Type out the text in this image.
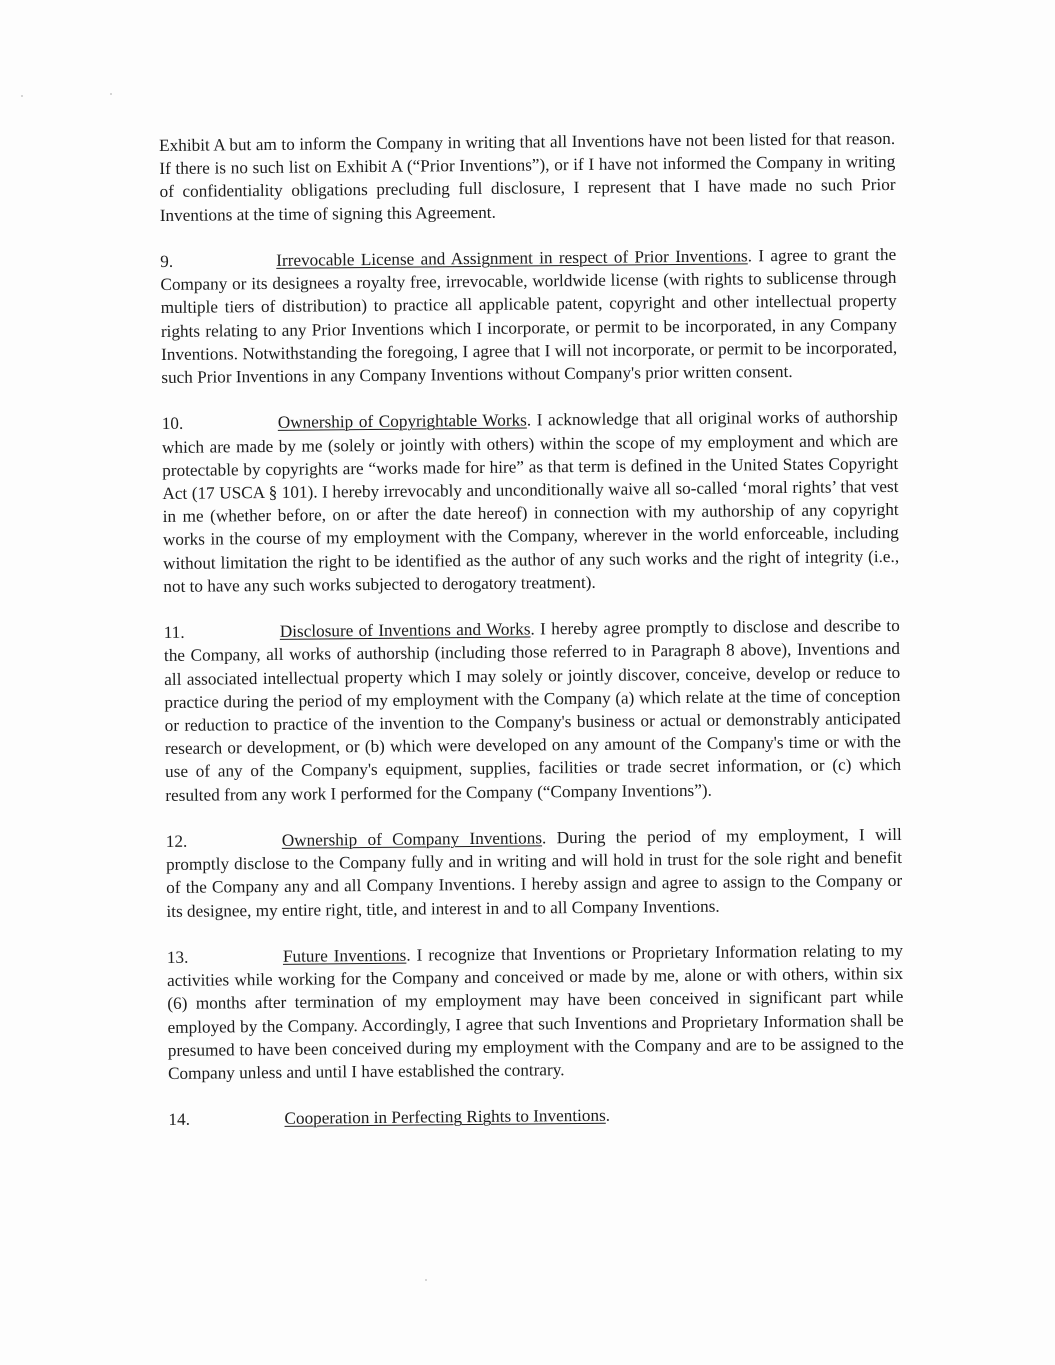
Exhibit A but am to inform the Company in writing that all Inventions have not been listed for that reason. If there is no such list on Exhibit A (“Prior Inventions”), or if I have not informed the Company in writing of confidentiality obligations precluding full disclosure, I represent that I have made no such Prior Inventions at the time of signing this Agreement.

9.	Irrevocable License and Assignment in respect of Prior Inventions. I agree to grant the Company or its designees a royalty free, irrevocable, worldwide license (with rights to sublicense through multiple tiers of distribution) to practice all applicable patent, copyright and other intellectual property rights relating to any Prior Inventions which I incorporate, or permit to be incorporated, in any Company Inventions. Notwithstanding the foregoing, I agree that I will not incorporate, or permit to be incorporated, such Prior Inventions in any Company Inventions without Company's prior written consent.

10.	Ownership of Copyrightable Works. I acknowledge that all original works of authorship which are made by me (solely or jointly with others) within the scope of my employment and which are protectable by copyrights are “works made for hire” as that term is defined in the United States Copyright Act (17 USCA § 101). I hereby irrevocably and unconditionally waive all so-called ‘moral rights’ that vest in me (whether before, on or after the date hereof) in connection with my authorship of any copyright works in the course of my employment with the Company, wherever in the world enforceable, including without limitation the right to be identified as the author of any such works and the right of integrity (i.e., not to have any such works subjected to derogatory treatment).

11.	Disclosure of Inventions and Works. I hereby agree promptly to disclose and describe to the Company, all works of authorship (including those referred to in Paragraph 8 above), Inventions and all associated intellectual property which I may solely or jointly discover, conceive, develop or reduce to practice during the period of my employment with the Company (a) which relate at the time of conception or reduction to practice of the invention to the Company's business or actual or demonstrably anticipated research or development, or (b) which were developed on any amount of the Company's time or with the use of any of the Company's equipment, supplies, facilities or trade secret information, or (c) which resulted from any work I performed for the Company (“Company Inventions”).

12.	Ownership of Company Inventions. During the period of my employment, I will promptly disclose to the Company fully and in writing and will hold in trust for the sole right and benefit of the Company any and all Company Inventions. I hereby assign and agree to assign to the Company or its designee, my entire right, title, and interest in and to all Company Inventions.

13.	Future Inventions. I recognize that Inventions or Proprietary Information relating to my activities while working for the Company and conceived or made by me, alone or with others, within six (6) months after termination of my employment may have been conceived in significant part while employed by the Company. Accordingly, I agree that such Inventions and Proprietary Information shall be presumed to have been conceived during my employment with the Company and are to be assigned to the Company unless and until I have established the contrary.

14.	Cooperation in Perfecting Rights to Inventions.
